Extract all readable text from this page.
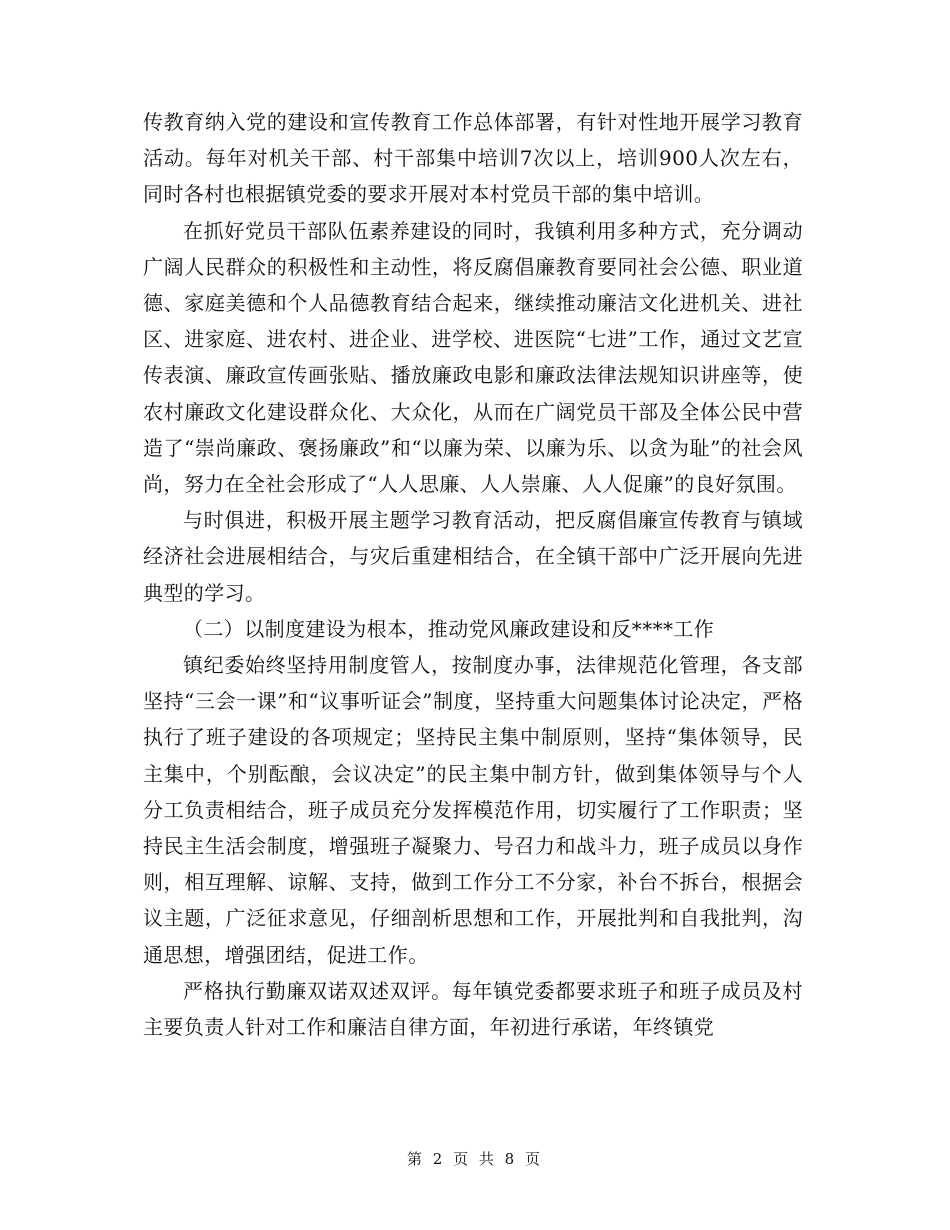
传教育纳入党的建设和宣传教育工作总体部署，有针对性地开展学习教育活动。每年对机关干部、村干部集中培训7次以上，培训900人次左右，同时各村也根据镇党委的要求开展对本村党员干部的集中培训。

在抓好党员干部队伍素养建设的同时，我镇利用多种方式，充分调动广阔人民群众的积极性和主动性，将反腐倡廉教育要同社会公德、职业道德、家庭美德和个人品德教育结合起来，继续推动廉洁文化进机关、进社区、进家庭、进农村、进企业、进学校、进医院“七进”工作，通过文艺宣传表演、廉政宣传画张贴、播放廉政电影和廉政法律法规知识讲座等，使农村廉政文化建设群众化、大众化，从而在广阔党员干部及全体公民中营造了“崇尚廉政、褒扬廉政”和“以廉为荣、以廉为乐、以贪为耻”的社会风尚，努力在全社会形成了“人人思廉、人人崇廉、人人促廉”的良好氛围。

与时俱进，积极开展主题学习教育活动，把反腐倡廉宣传教育与镇域经济社会进展相结合，与灾后重建相结合，在全镇干部中广泛开展向先进典型的学习。

（二）以制度建设为根本，推动党风廉政建设和反****工作

镇纪委始终坚持用制度管人，按制度办事，法律规范化管理，各支部坚持“三会一课”和“议事听证会”制度，坚持重大问题集体讨论决定，严格执行了班子建设的各项规定；坚持民主集中制原则，坚持“集体领导，民主集中，个别酝酿，会议决定”的民主集中制方针，做到集体领导与个人分工负责相结合，班子成员充分发挥模范作用，切实履行了工作职责；坚持民主生活会制度，增强班子凝聚力、号召力和战斗力，班子成员以身作则，相互理解、谅解、支持，做到工作分工不分家，补台不拆台，根据会议主题，广泛征求意见，仔细剖析思想和工作，开展批判和自我批判，沟通思想，增强团结，促进工作。

严格执行勤廉双诺双述双评。每年镇党委都要求班子和班子成员及村主要负责人针对工作和廉洁自律方面，年初进行承诺，年终镇党

第 2 页 共 8 页
